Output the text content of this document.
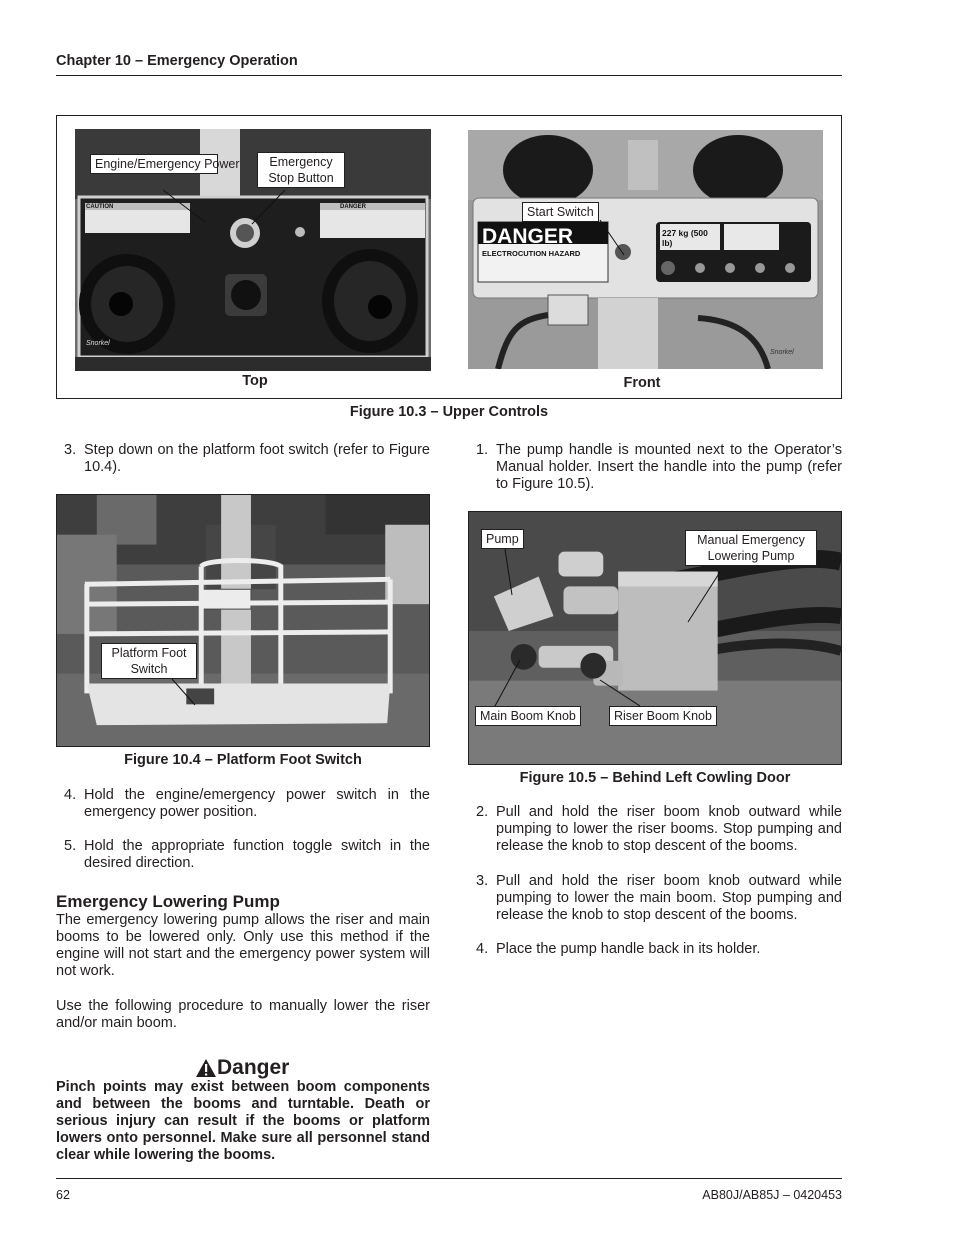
Chapter 10 – Emergency Operation
CAUTION	DANGER
Snorkel
Engine/Emergency Power	Emergency Stop Button
DANGER
ELECTROCUTION HAZARD
227 kg (500 lb)
Snorkel
Start Switch
Top	Front
Figure 10.3 – Upper Controls
3. Step down on the platform foot switch (refer to Figure 10.4).
Platform Foot Switch
Figure 10.4 – Platform Foot Switch
4. Hold the engine/emergency power switch in the emergency power position.
5. Hold the appropriate function toggle switch in the desired direction.
Emergency Lowering Pump
The emergency lowering pump allows the riser and main booms to be lowered only. Only use this method if the engine will not start and the emergency power system will not work.
Use the following procedure to manually lower the riser and/or main boom.
Danger
Pinch points may exist between boom components and between the booms and turntable. Death or serious injury can result if the booms or platform lowers onto personnel. Make sure all personnel stand clear while lowering the booms.
1. The pump handle is mounted next to the Operator’s Manual holder. Insert the handle into the pump (refer to Figure 10.5).
Pump	Manual Emergency Lowering Pump
Main Boom Knob	Riser Boom Knob
Figure 10.5 – Behind Left Cowling Door
2. Pull and hold the riser boom knob outward while pumping to lower the riser booms. Stop pumping and release the knob to stop descent of the booms.
3. Pull and hold the riser boom knob outward while pumping to lower the main boom. Stop pumping and release the knob to stop descent of the booms.
4. Place the pump handle back in its holder.
62	AB80J/AB85J – 0420453
